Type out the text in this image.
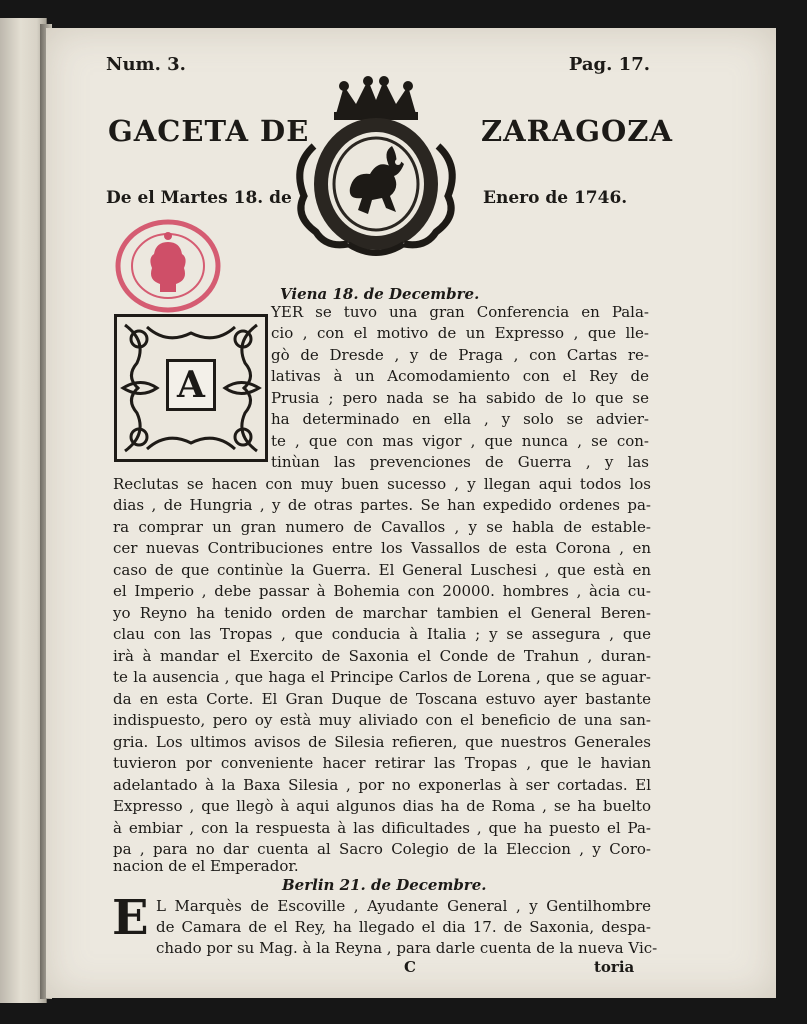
Num. 3.	Pag. 17.
GACETA DE	ZARAGOZA
De el Martes 18. de	Enero de 1746.
A
Viena 18. de Decembre.
YER se tuvo una gran Conferencia en Pala-
cio , con el motivo de un Expresso , que lle-
gò de Dresde , y de Praga , con Cartas re-
lativas à un Acomodamiento con el Rey de
Prusia ; pero nada se ha sabido de lo que se
ha determinado en ella , y solo se advier-
te , que con mas vigor , que nunca , se con-
tinùan las prevenciones de Guerra , y las
Reclutas se hacen con muy buen sucesso , y llegan aqui todos los
dias , de Hungria , y de otras partes. Se han expedido ordenes pa-
ra comprar un gran numero de Cavallos , y se habla de estable-
cer nuevas Contribuciones entre los Vassallos de esta Corona , en
caso de que continùe la Guerra. El General Luschesi , que està en
el Imperio , debe passar à Bohemia con 20000. hombres , àcia cu-
yo Reyno ha tenido orden de marchar tambien el General Beren-
clau con las Tropas , que conducia à Italia ; y se assegura , que
irà à mandar el Exercito de Saxonia el Conde de Trahun , duran-
te la ausencia , que haga el Principe Carlos de Lorena , que se aguar-
da en esta Corte. El Gran Duque de Toscana estuvo ayer bastante
indispuesto, pero oy està muy aliviado con el beneficio de una san-
gria. Los ultimos avisos de Silesia refieren, que nuestros Generales
tuvieron por conveniente hacer retirar las Tropas , que le havian
adelantado à la Baxa Silesia , por no exponerlas à ser cortadas. El
Expresso , que llegò à aqui algunos dias ha de Roma , se ha buelto
à embiar , con la respuesta à las dificultades , que ha puesto el Pa-
pa , para no dar cuenta al Sacro Colegio de la Eleccion , y Coro-
nacion de el Emperador.
Berlin 21. de Decembre.
E L Marquès de Escoville , Ayudante General , y Gentilhombre
de Camara de el Rey, ha llegado el dia 17. de Saxonia, despa-
chado por su Mag. à la Reyna , para darle cuenta de la nueva Vic-
C	toria
